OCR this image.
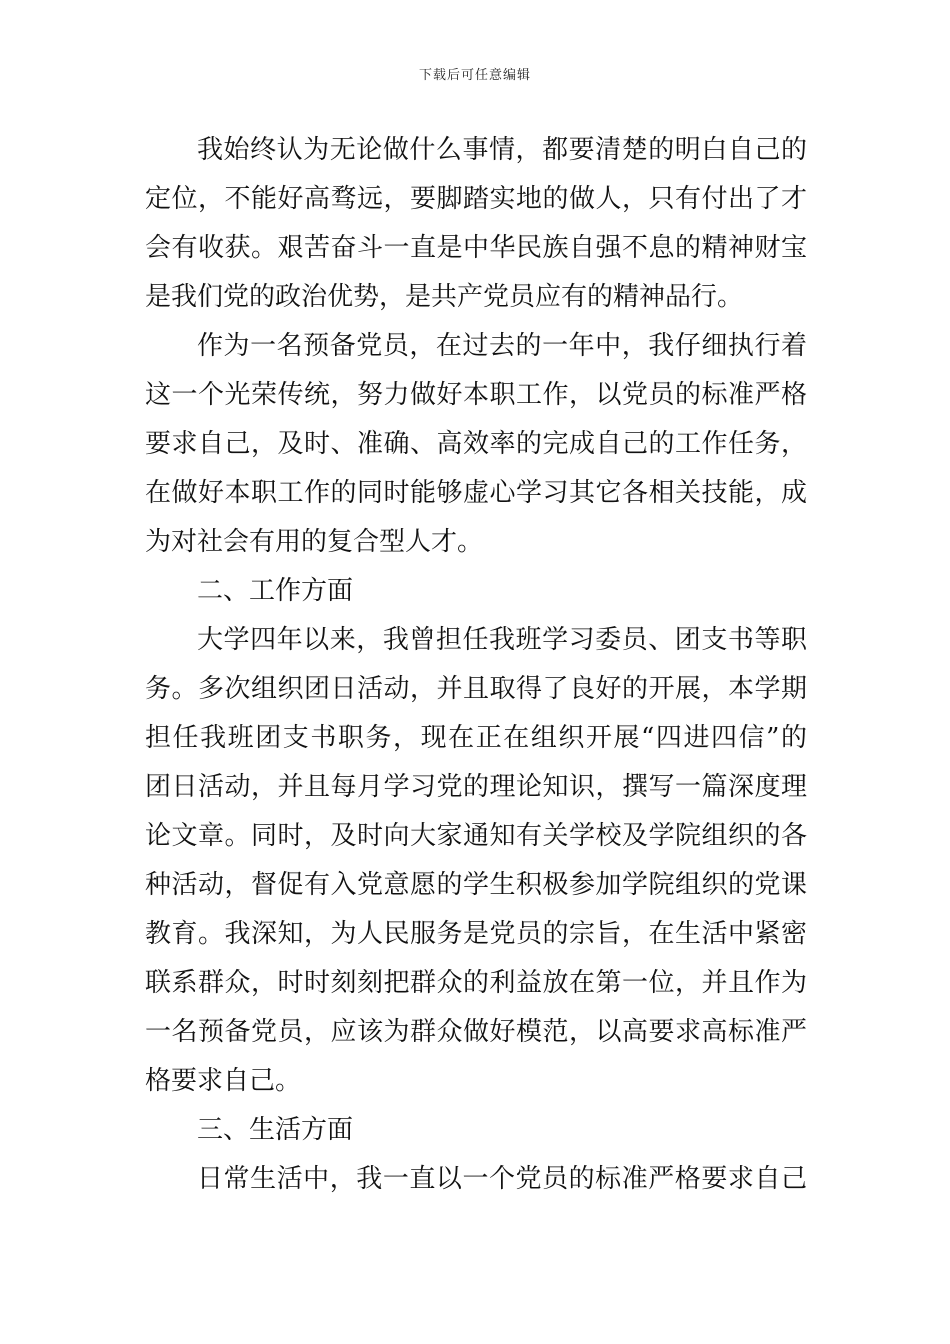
下载后可任意编辑
我始终认为无论做什么事情，都要清楚的明白自己的
定位，不能好高骛远，要脚踏实地的做人，只有付出了才
会有收获。艰苦奋斗一直是中华民族自强不息的精神财宝
是我们党的政治优势，是共产党员应有的精神品行。
作为一名预备党员，在过去的一年中，我仔细执行着
这一个光荣传统，努力做好本职工作，以党员的标准严格
要求自己，及时、准确、高效率的完成自己的工作任务，
在做好本职工作的同时能够虚心学习其它各相关技能，成
为对社会有用的复合型人才。
二、工作方面
大学四年以来，我曾担任我班学习委员、团支书等职
务。多次组织团日活动，并且取得了良好的开展，本学期
担任我班团支书职务，现在正在组织开展“四进四信”的
团日活动，并且每月学习党的理论知识，撰写一篇深度理
论文章。同时，及时向大家通知有关学校及学院组织的各
种活动，督促有入党意愿的学生积极参加学院组织的党课
教育。我深知，为人民服务是党员的宗旨，在生活中紧密
联系群众，时时刻刻把群众的利益放在第一位，并且作为
一名预备党员，应该为群众做好模范，以高要求高标准严
格要求自己。
三、生活方面
日常生活中，我一直以一个党员的标准严格要求自己
